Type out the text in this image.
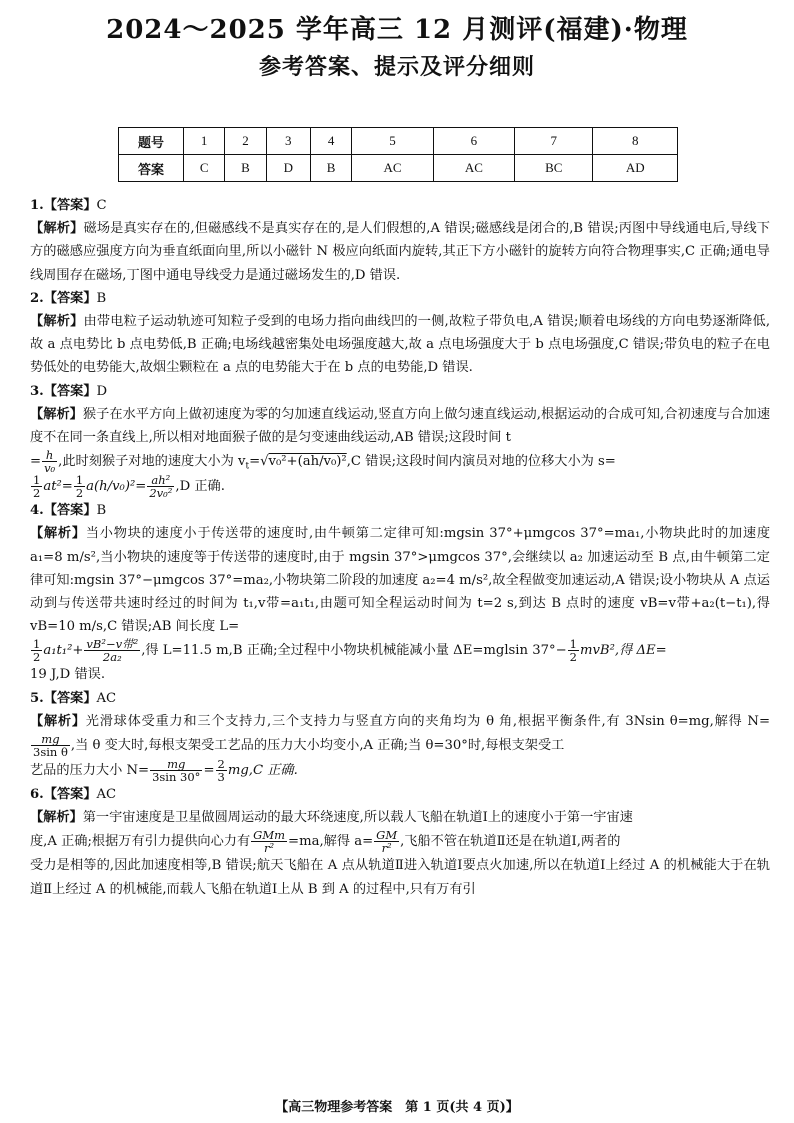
2024～2025 学年高三 12 月测评(福建)·物理
参考答案、提示及评分细则
题号	1	2	3	4	5	6	7	8
答案	C	B	D	B	AC	AC	BC	AD
1.【答案】C
【解析】磁场是真实存在的,但磁感线不是真实存在的,是人们假想的,A 错误;磁感线是闭合的,B 错误;丙图中导线通电后,导线下方的磁感应强度方向为垂直纸面向里,所以小磁针 N 极应向纸面内旋转,其正下方小磁针的旋转方向符合物理事实,C 正确;通电导线周围存在磁场,丁图中通电导线受力是通过磁场发生的,D 错误.
2.【答案】B
【解析】由带电粒子运动轨迹可知粒子受到的电场力指向曲线凹的一侧,故粒子带负电,A 错误;顺着电场线的方向电势逐渐降低,故 a 点电势比 b 点电势低,B 正确;电场线越密集处电场强度越大,故 a 点电场强度大于 b 点电场强度,C 错误;带负电的粒子在电势低处的电势能大,故烟尘颗粒在 a 点的电势能大于在 b 点的电势能,D 错误.
3.【答案】D
【解析】猴子在水平方向上做初速度为零的匀加速直线运动,竖直方向上做匀速直线运动,根据运动的合成可知,合初速度与合加速度不在同一条直线上,所以相对地面猴子做的是匀变速曲线运动,AB 错误;这段时间 t
= $\frac{h}{\text{v₀}}$ ,此时刻猴子对地的速度大小为 $v_t=√v_0^2+(ah/v_0)^2,C$ 错误;这段时间内演员对地的位移大小为 s=

$\frac{1}{2} at^2= \frac{1}{2} a(h/v_0)^2= \frac{\text{ah²}}{\text{2v₀²}} ,D$ 正确.
4.【答案】B
【解析】当小物块的速度小于传送带的速度时,由牛顿第二定律可知:mgsin 37°+μmgcos 37°=ma₁,小物块此时的加速度 a₁=8 m/s²,当小物块的速度等于传送带的速度时,由于 mgsin 37°>μmgcos 37°,会继续以 a₂ 加速运动至 B 点,由牛顿第二定律可知:mgsin 37°−μmgcos 37°=ma₂,小物块第二阶段的加速度 a₂=4 m/s²,故全程做变加速运动,A 错误;设小物块从 A 点运动到与传送带共速时经过的时间为 t₁,v带=a₁t₁,由题可知全程运动时间为 t=2 s,到达 B 点时的速度 vB=v带+a₂(t−t₁),得 vB=10 m/s,C 错误;AB 间长度 L=

$\frac{1}{2} a_1t_1^2+ \frac{\text{vB²−v带²}}{\text{2a₂}}$ ,得 L=11.5 m,B 正确;全过程中小物块机械能减小量 ΔE=mglsin $37^\circ- \frac{1}{2} mvB^2$,得 ΔE=
19 J,D 错误.
5.【答案】AC
【解析】光滑球体受重力和三个支持力,三个支持力与竖直方向的夹角均为 θ 角,根据平衡条件,有 3Nsin θ=mg,解得 N=
$\frac{mg}{\text{3sin θ}}$ ,当 θ 变大时,每根支架受工艺品的压力大小均变小,A 正确;当 θ=30°时,每根支架受工
艺品的压力大小 $N= \frac{mg}{3\sin 30^\circ} = \frac{2}{3} mg,C$ 正确.
6.【答案】AC
【解析】第一宇宙速度是卫星做圆周运动的最大环绕速度,所以载人飞船在轨道Ⅰ上的速度小于第一宇宙速
度,A 正确;根据万有引力提供向心力有 $\frac{\text{GMm}}{\text{r²}} =ma$,解得 $a= \frac{GM}{\text{r²}}$ ,飞船不管在轨道Ⅱ还是在轨道Ⅰ,两者的
受力是相等的,因此加速度相等,B 错误;航天飞船在 A 点从轨道Ⅱ进入轨道Ⅰ要点火加速,所以在轨道Ⅰ上经过 A 的机械能大于在轨道Ⅱ上经过 A 的机械能,而载人飞船在轨道Ⅰ上从 B 到 A 的过程中,只有万有引
【高三物理参考答案　第 1 页(共 4 页)】
